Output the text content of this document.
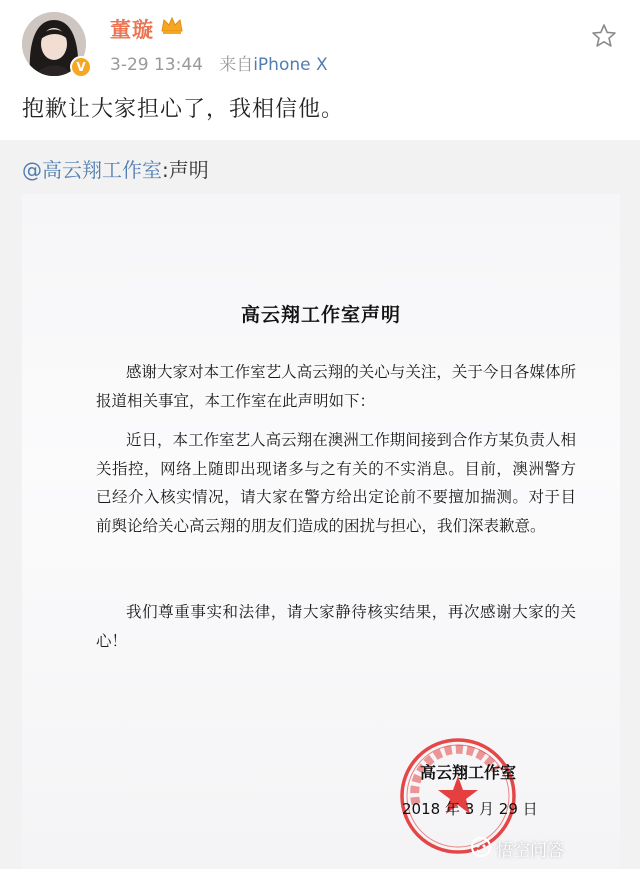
V
董璇
3-29 13:44 来自iPhone X
抱歉让大家担心了，我相信他。
@高云翔工作室:声明
高云翔工作室声明

感谢大家对本工作室艺人高云翔的关心与关注，关于今日各媒体所报道相关事宜，本工作室在此声明如下：

近日，本工作室艺人高云翔在澳洲工作期间接到合作方某负责人相关指控，网络上随即出现诸多与之有关的不实消息。目前，澳洲警方已经介入核实情况，请大家在警方给出定论前不要擅加揣测。对于目前舆论给关心高云翔的朋友们造成的困扰与担心，我们深表歉意。

我们尊重事实和法律，请大家静待核实结果，再次感谢大家的关心！

高云翔工作室
2018 年 3 月 29 日
悟空问答
